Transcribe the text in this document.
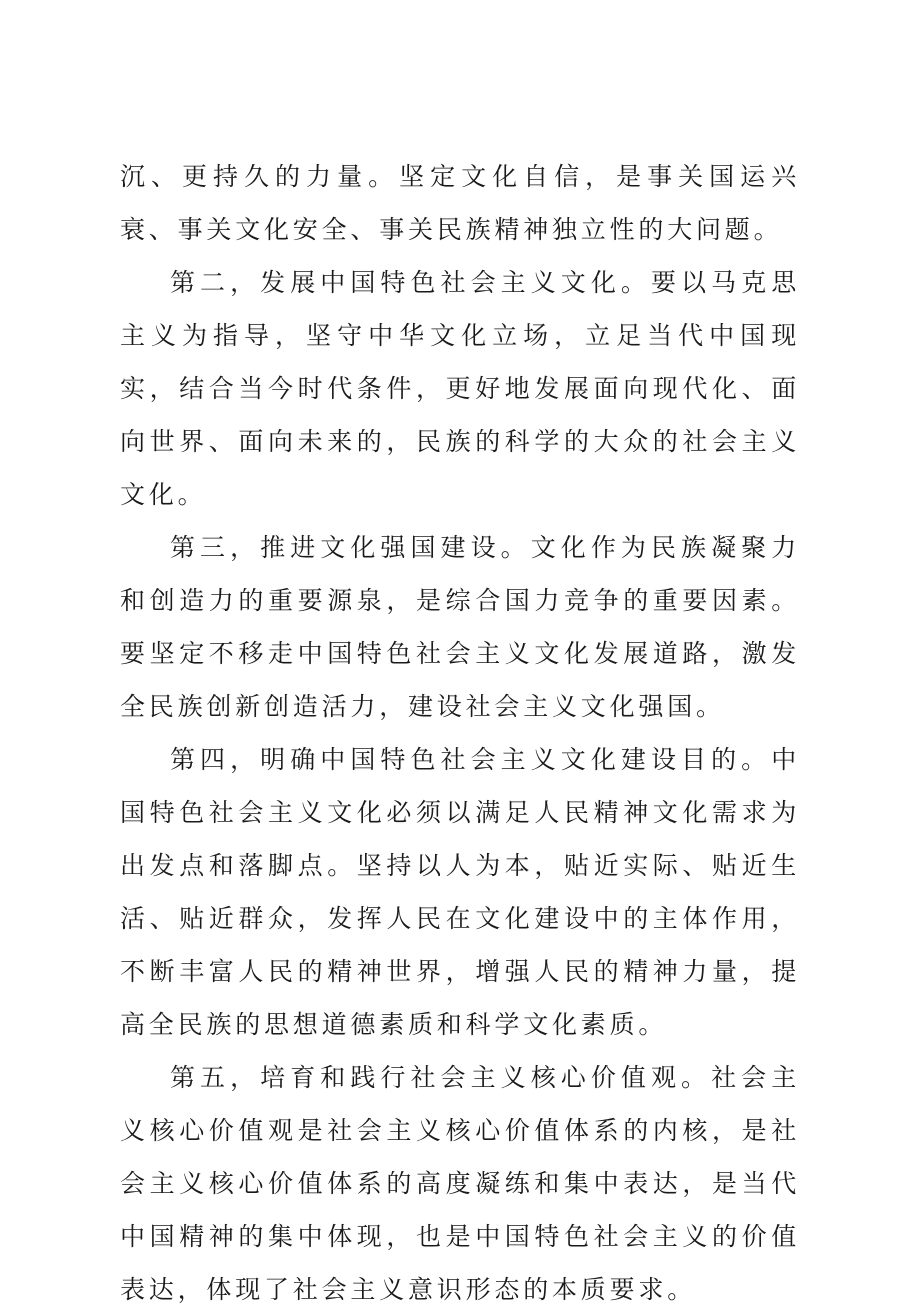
沉、更持久的力量。坚定文化自信，是事关国运兴衰、事关文化安全、事关民族精神独立性的大问题。

第二，发展中国特色社会主义文化。要以马克思主义为指导，坚守中华文化立场，立足当代中国现实，结合当今时代条件，更好地发展面向现代化、面向世界、面向未来的，民族的科学的大众的社会主义文化。

第三，推进文化强国建设。文化作为民族凝聚力和创造力的重要源泉，是综合国力竞争的重要因素。要坚定不移走中国特色社会主义文化发展道路，激发全民族创新创造活力，建设社会主义文化强国。

第四，明确中国特色社会主义文化建设目的。中国特色社会主义文化必须以满足人民精神文化需求为出发点和落脚点。坚持以人为本，贴近实际、贴近生活、贴近群众，发挥人民在文化建设中的主体作用，不断丰富人民的精神世界，增强人民的精神力量，提高全民族的思想道德素质和科学文化素质。

第五，培育和践行社会主义核心价值观。社会主义核心价值观是社会主义核心价值体系的内核，是社会主义核心价值体系的高度凝练和集中表达，是当代中国精神的集中体现，也是中国特色社会主义的价值表达，体现了社会主义意识形态的本质要求。
